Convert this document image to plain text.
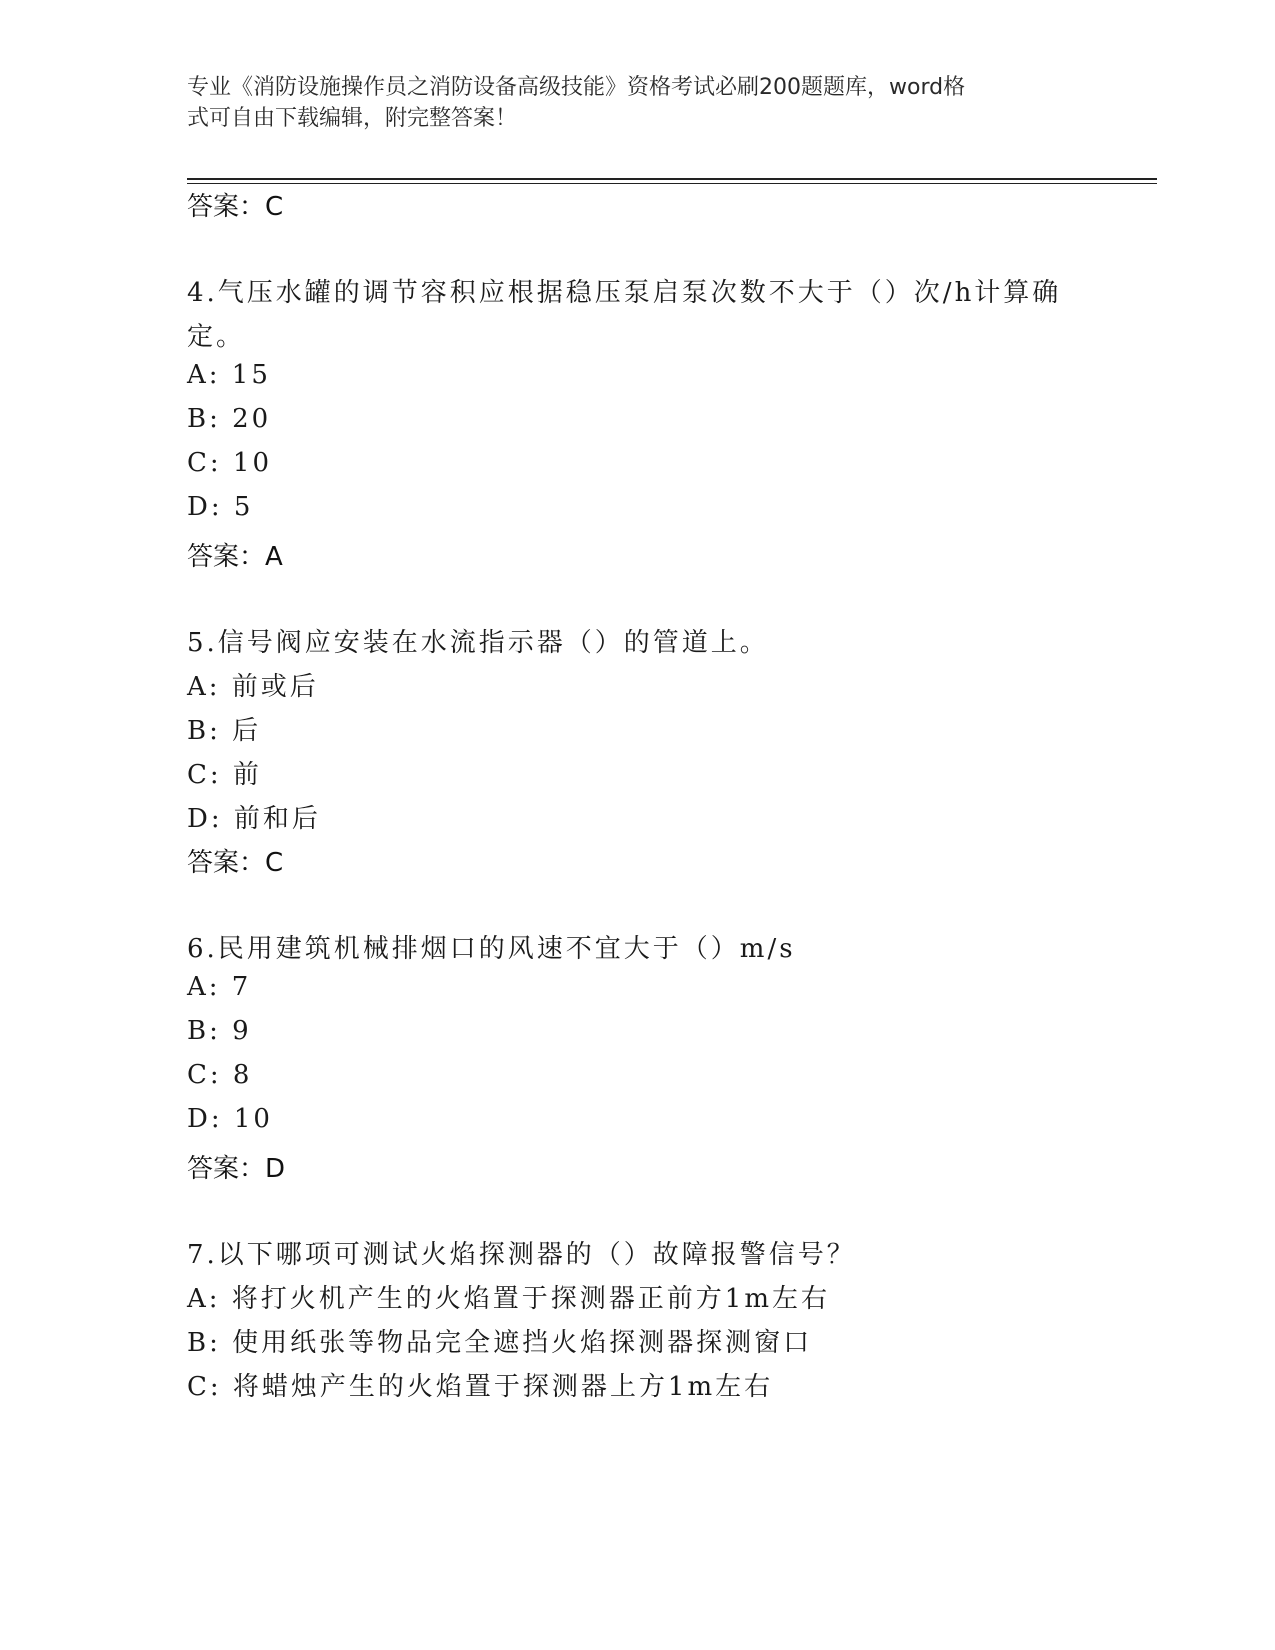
专业《消防设施操作员之消防设备高级技能》资格考试必刷200题题库，word格
式可自由下载编辑，附完整答案！
答案：C
4.气压水罐的调节容积应根据稳压泵启泵次数不大于（）次/h计算确
定。
A: 15
B: 20
C: 10
D: 5
答案：A
5.信号阀应安装在水流指示器（）的管道上。
A: 前或后
B: 后
C: 前
D: 前和后
答案：C
6.民用建筑机械排烟口的风速不宜大于（）m/s
A: 7
B: 9
C: 8
D: 10
答案：D
7.以下哪项可测试火焰探测器的（）故障报警信号？
A: 将打火机产生的火焰置于探测器正前方1m左右
B: 使用纸张等物品完全遮挡火焰探测器探测窗口
C: 将蜡烛产生的火焰置于探测器上方1m左右
